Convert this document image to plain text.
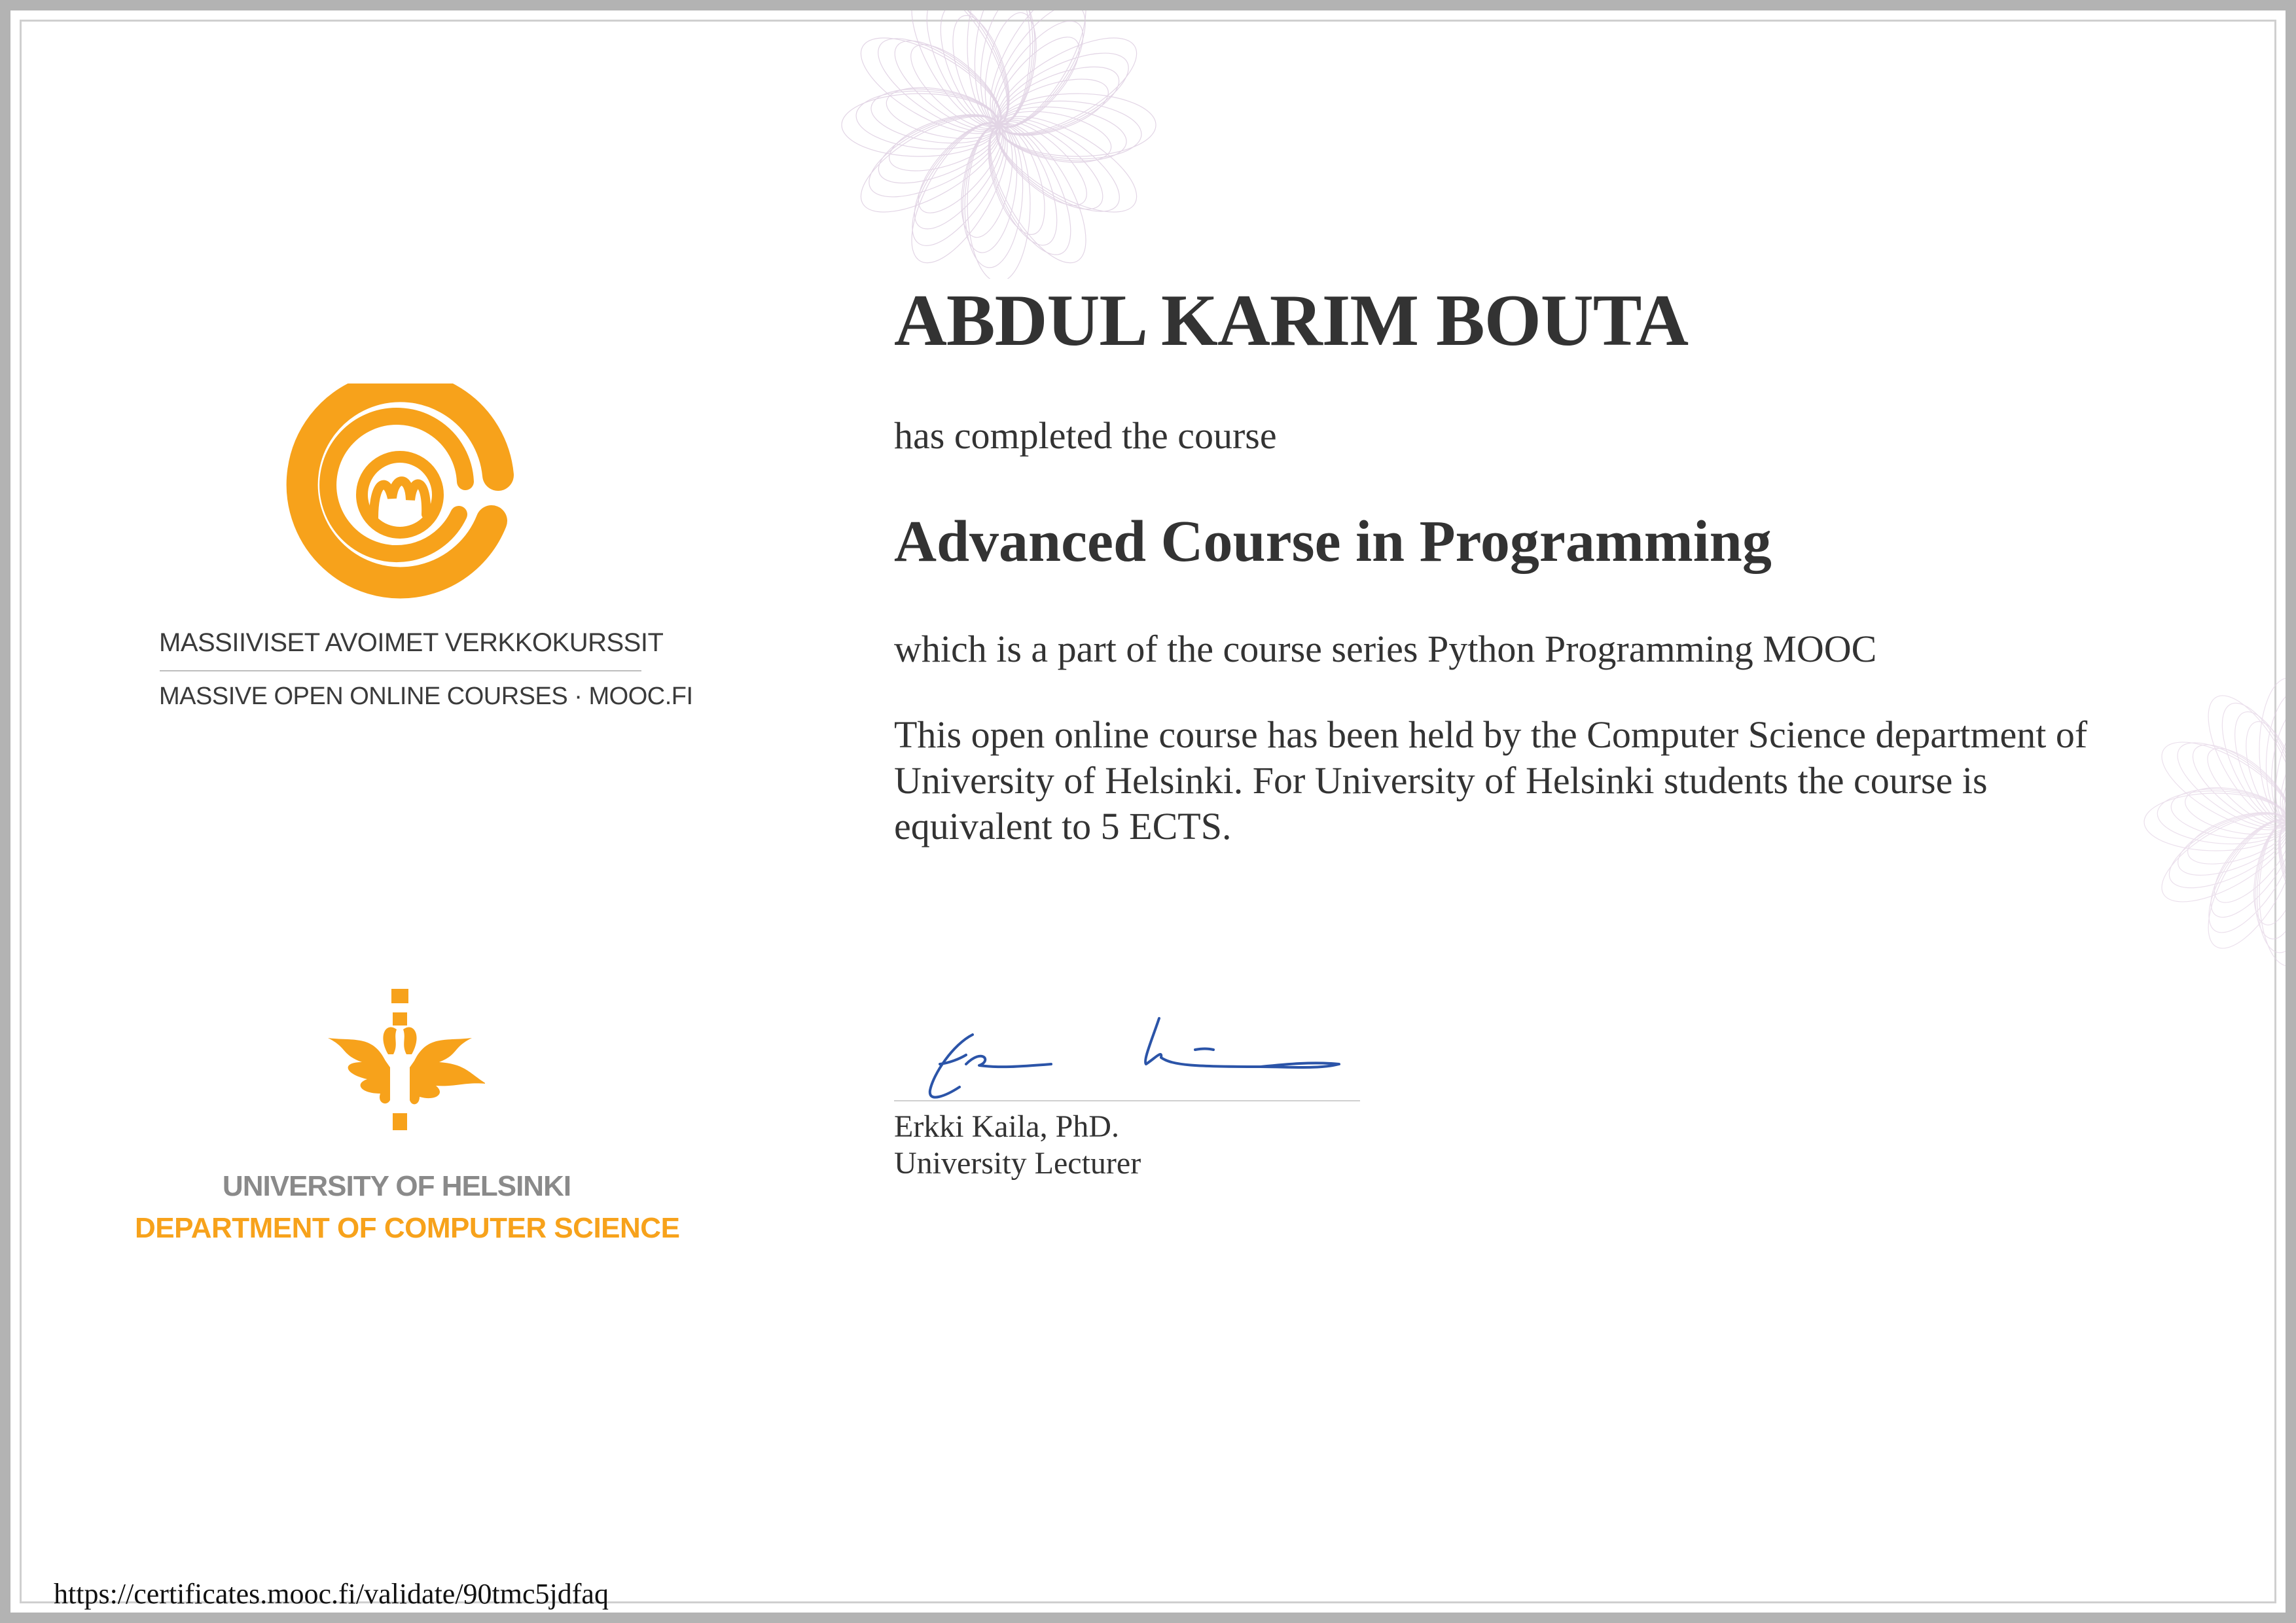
MASSIIVISET AVOIMET VERKKOKURSSIT
MASSIVE OPEN ONLINE COURSES · MOOC.FI
UNIVERSITY OF HELSINKI
DEPARTMENT OF COMPUTER SCIENCE
ABDUL KARIM BOUTA
has completed the course
Advanced Course in Programming
which is a part of the course series Python Programming MOOC
This open online course has been held by the Computer Science department of University of Helsinki. For University of Helsinki students the course is equivalent to 5 ECTS.
Erkki Kaila, PhD.
University Lecturer
https://certificates.mooc.fi/validate/90tmc5jdfaq
